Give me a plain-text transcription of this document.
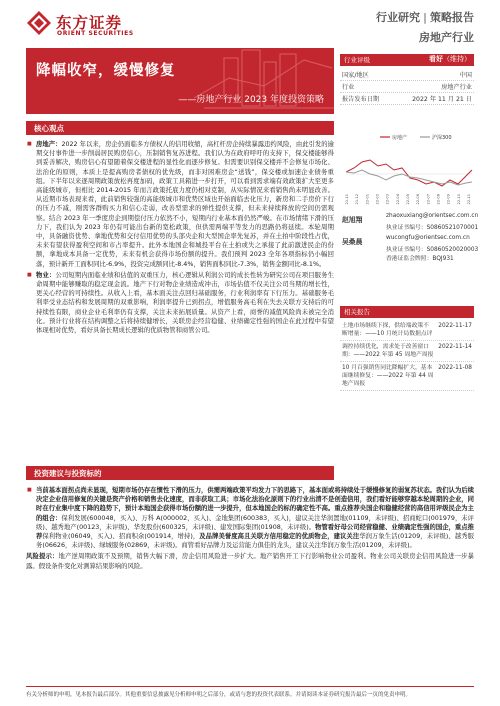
东方证券
ORIENT SECURITIES
行业研究 | 策略报告
房地产行业
降幅收窄，缓慢修复
——房地产行业 2023 年度投资策略
行业评级	看好（维持）
国家/地区	中国
行业	房地产行业
报告发布日期	2022 年 11 月 21 日
房地产	沪深300
21-11 21-12 22-01 22-02 22-03 22-04 22-05 22-06 22-07 22-08 22-09 22-10 22-11
赵旭翔	zhaoxuxiang@orientsec.com.cn
执业证书编号：S0860521070001
吴桑晨	wucongfu@orientsec.com.cn
执业证书编号：S0860520020003
香港证监会牌照：BQJ931
相关报告
土地市场继续下探，供给端政策不断增量：——10 月统计局数据点评
2022-11-17
调控持续优化，需求处于改善窗口期：——2022 年第 45 周地产周报
2022-11-14
10 月百强销售同比降幅扩大，基本面继续修复：——2022 年第 44 周地产周报
2022-11-08
核心观点
■ 房地产：2022 年以来，房企仍面临多方债权人的信用收缩，高杠杆房企持续暴露违约风险，由此引发的逾期交付事件进一步削弱居民购房信心，压制销售复苏进程。我们认为在政府呼吁的支持下，保交楼能够得到妥善解决，购房信心有望随着保交楼进程的显性化而逐步修复。但需要识别保交楼并不会修复市场化、法治化的原则，本质上是提高购房者债权的优先级，而非对困难房企“送钱”，保交楼或加速企业债务重组。下半年以来逐周期政策放松再度加码，政策工具箱进一步打开，可以看到需求端有效政策扩大至更多高能级城市，但相比 2014-2015 年而言政策托底力度仍相对克制，从实际情况来看销售尚未明显改善。从近期市场表现来看，此前销售较强的高能级城市和优势区域也开始面临去化压力，新房和二手房价下行的压力不减，刚需客群购买力和信心走弱，改善型需求的弹性提供支撑，但未来持续释放的空间仍需观察。结合 2023 年一季度房企到期偿付压力依然不小，短期内行业基本面仍然严峻。在市场情绪下滑的压力下，我们认为 2023 年仍有可能出台新的宽松政策，但供需两端平等发力的思路仍将延续。本轮周期中，具备融资优势、拿地优势和交付信用优势的头部央企和大型国企率先复苏，并在土拍中阶段性占优，未来有望获得盈利空间和市占率提升。此外本地国企和城投平台在土拍或失之承接了此前激进民企的份额，拿地成本具备一定优势，未来有机会获得市场份额的提升。我们预判 2023 全年各项指标仍小幅回落，预计新开工面积同比-6.9%，投资完成额同比-8.4%，销售面积同比-7.3%，销售金额同比-8.1%。
■ 物业：公司短期内面临业绩和估值的双重压力，核心逻辑从利润公司的成长性转为研究公司在项目服务生命周期中能够赚取的稳定现金流。地产下行对物企业绩造成冲击，市场估值不仅关注公司当期的增长性，更关心经营的可持续性。从收入上看，基本面关注点回归基础服务，行业利润率有下行压力。基础服务毛利率受业态结构和发展周期的双重影响，利润率提升已到拐点，增值服务高毛利在失去关联方支持后的可持续性有限，商业企业毛利率仍有支撑，关注未来拓展质量。从资产上看，商誉的减值风险尚未被完全消化。预计行业将在结构调整之后将持续健增长，关联房企经营稳健、业绩确定性强的国企在此过程中有望体现相对优势，看好具备长期成长逻辑的优质物管和商管公司。
投资建议与投资标的
■ 当前基本面拐点尚未显现，短期市场仍存在惯性下滑的压力，供需两端政策平均发力下的思路下，基本面或将持续处于缓慢修复的弱复苏状态。我们认为后续决定企业信用修复的关键是资产价格和销售去化速度，而非获取工具；市场化法治化原则下的行业出清不是创造信用，我们看好能够穿越本轮周期的企业，同时在行业集中度下降的趋势下，预计本地国企获得市场份额的进一步提升，但本地国企的标的确定性不高。重点推荐央国企和稳健经营的高信用评级民企为主的组合：保利发展(600048，买入)、万科 A(000002，买入)、金地集团(600383，买入)，建议关注华润置地(01109，未评级)、招商蛇口(001979，未评级)、越秀地产(00123，未评级)、华发股份(600325，未评级)、建发国际集团(01908，未评级)。物管看好母公司经营稳健、业绩确定性强的国企，重点推荐保利物业(06049，买入)、招商积余(001914，增持)，及品牌美誉度高且关联方信用稳定的优质物企，建议关注华润万象生活(01209，未评级)、越秀服务(06626，未评级)、绿城服务(02869，未评级)。商管看好品牌力及运营能力俱佳的龙头，建议关注华润万象生活(01209，未评级)。
风险提示：地产逆周期政策不及预期，销售大幅下滑，房企信用风险进一步扩大。地产销售开工下行影响物业公司盈利。物业公司关联房企信用风险进一步暴露。假设条件变化对测算结果影响的风险。
有关分析师的申明，见本报告最后部分。其他重要信息披露见分析师申明之后部分，或请与您的投资代表联系。并请阅读本证券研究报告最后一页的免责申明。
